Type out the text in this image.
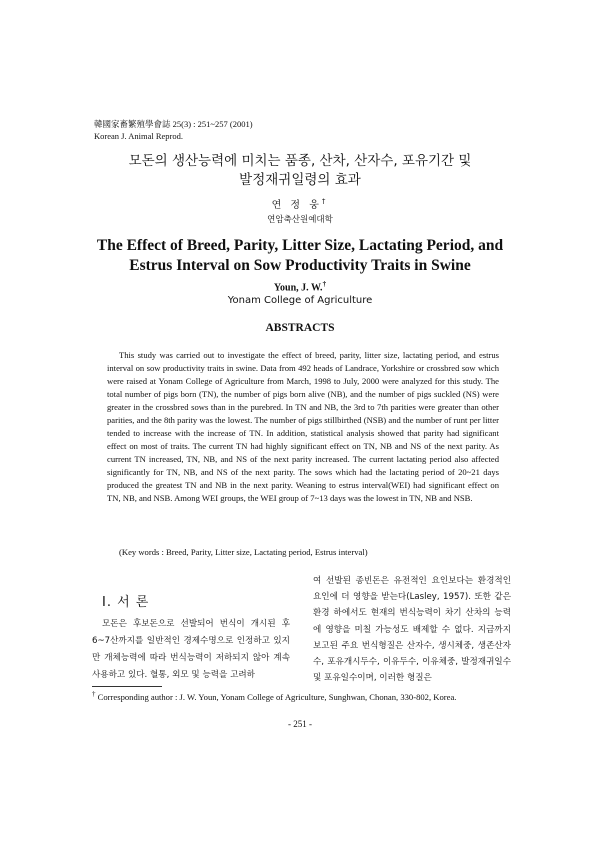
韓國家畜繁殖學會誌 25(3) : 251~257 (2001)
Korean J. Animal Reprod.
모돈의 생산능력에 미치는 품종, 산차, 산자수, 포유기간 및
발정재귀일령의 효과
연 정 웅†
연암축산원예대학
The Effect of Breed, Parity, Litter Size, Lactating Period, and
Estrus Interval on Sow Productivity Traits in Swine
Youn, J. W.†
Yonam College of Agriculture
ABSTRACTS

This study was carried out to investigate the effect of breed, parity, litter size, lactating period, and estrus interval on sow productivity traits in swine. Data from 492 heads of Landrace, Yorkshire or crossbred sow which were raised at Yonam College of Agriculture from March, 1998 to July, 2000 were analyzed for this study. The total number of pigs born (TN), the number of pigs born alive (NB), and the number of pigs suckled (NS) were greater in the crossbred sows than in the purebred. In TN and NB, the 3rd to 7th parities were greater than other parities, and the 8th parity was the lowest. The number of pigs stillbirthed (NSB) and the number of runt per litter tended to increase with the increase of TN. In addition, statistical analysis showed that parity had significant effect on most of traits. The current TN had highly significant effect on TN, NB and NS of the next parity. As current TN increased, TN, NB, and NS of the next parity increased. The current lactating period also affected significantly for TN, NB, and NS of the next parity. The sows which had the lactating period of 20~21 days produced the greatest TN and NB in the next parity. Weaning to estrus interval(WEI) had significant effect on TN, NB, and NSB. Among WEI groups, the WEI group of 7~13 days was the lowest in TN, NB and NSB.

(Key words : Breed, Parity, Litter size, Lactating period, Estrus interval)
I. 서 론
모돈은 후보돈으로 선발되어 번식이 개시된 후 6~7산까지를 일반적인 경제수명으로 인정하고 있지만 개체능력에 따라 번식능력이 저하되지 않아 계속 사용하고 있다. 혈통, 외모 및 능력을 고려하
여 선발된 종빈돈은 유전적인 요인보다는 환경적인 요인에 더 영향을 받는다(Lasley, 1957). 또한 같은 환경 하에서도 현재의 번식능력이 차기 산차의 능력에 영향을 미칠 가능성도 배제할 수 없다. 지금까지 보고된 주요 번식형질은 산자수, 생시체중, 생존산자수, 포유개시두수, 이유두수, 이유체중, 발정재귀일수 및 포유일수이며, 이러한 형질은
† Corresponding author : J. W. Youn, Yonam College of Agriculture, Sunghwan, Chonan, 330-802, Korea.
- 251 -
